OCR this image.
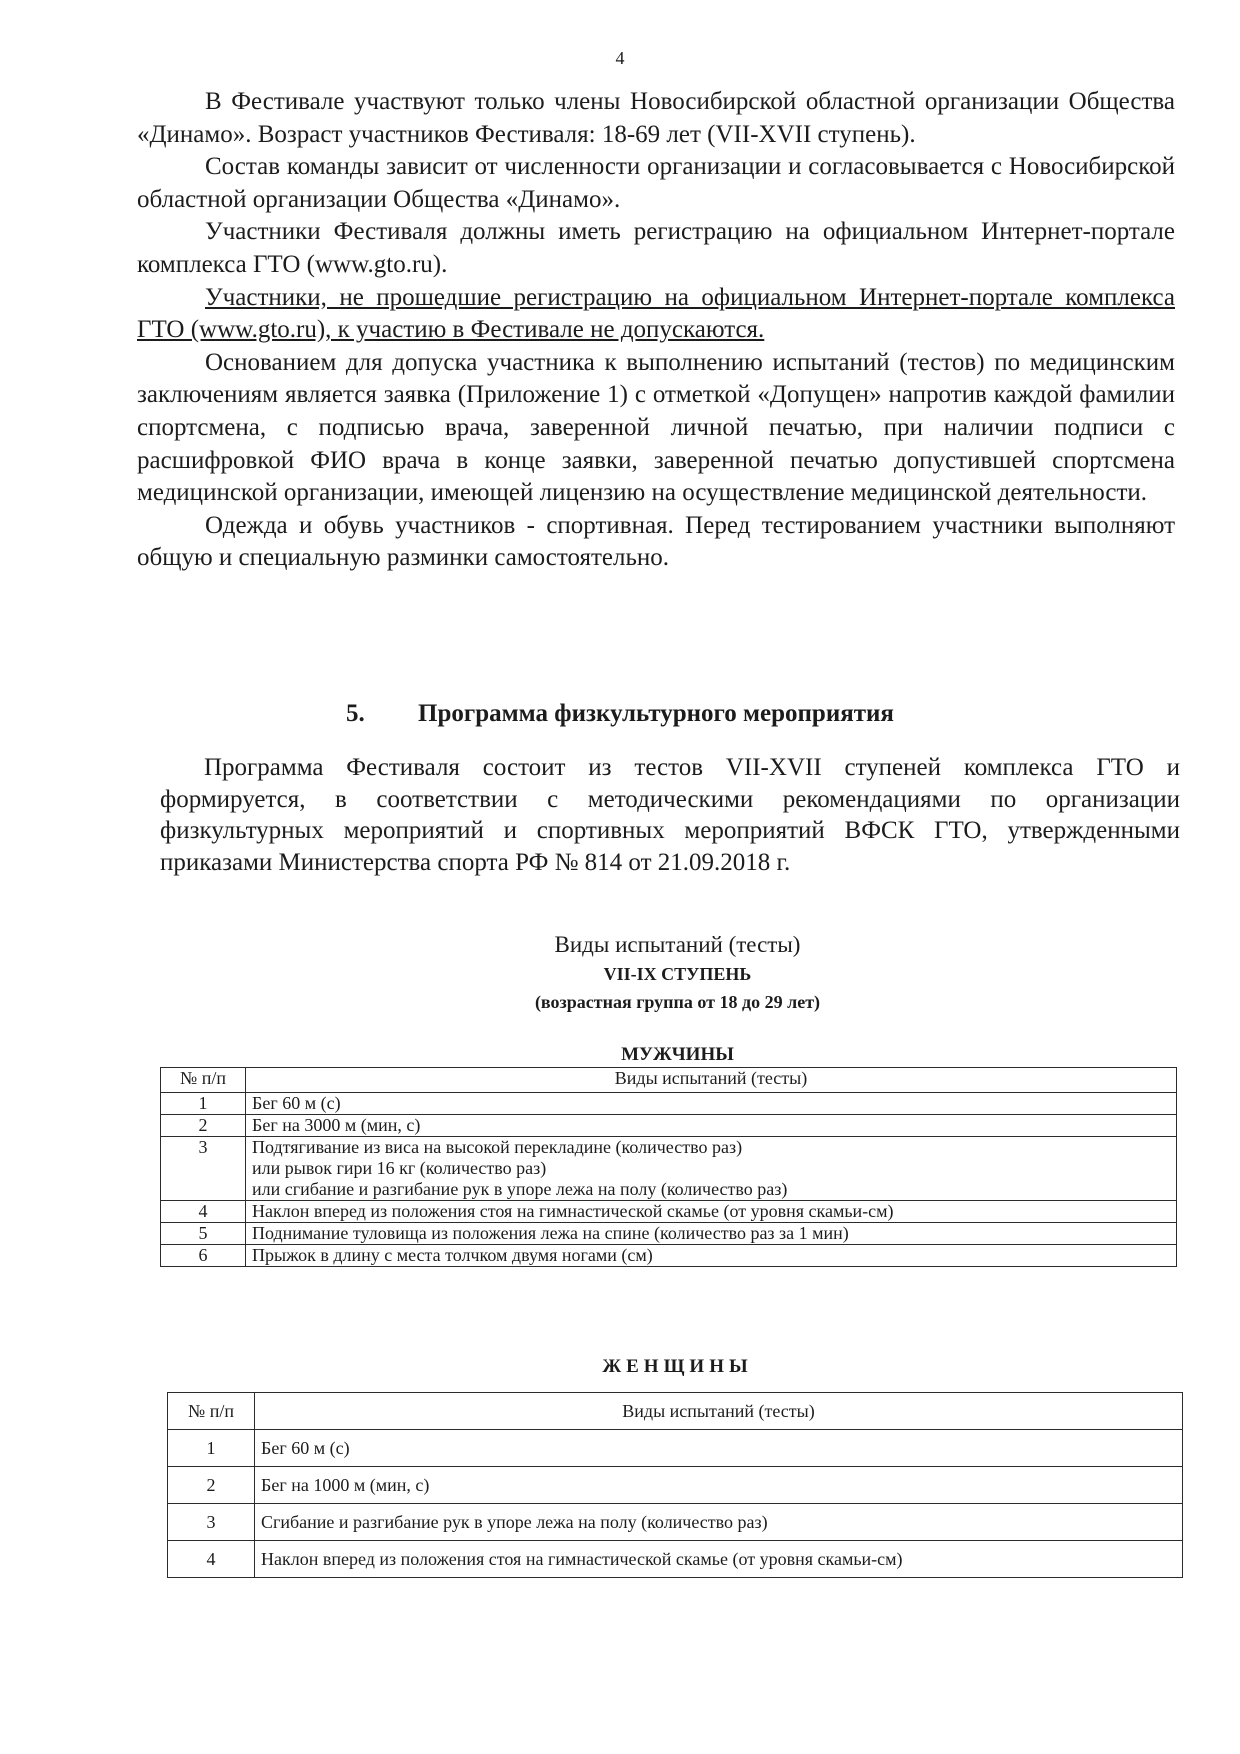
4

В Фестивале участвуют только члены Новосибирской областной организации Общества «Динамо». Возраст участников Фестиваля: 18-69 лет (VII-XVII ступень).

Состав команды зависит от численности организации и согласовывается с Новосибирской областной организации Общества «Динамо».

Участники Фестиваля должны иметь регистрацию на официальном Интернет-портале комплекса ГТО (www.gto.ru).

Участники, не прошедшие регистрацию на официальном Интернет-портале комплекса ГТО (www.gto.ru), к участию в Фестивале не допускаются.

Основанием для допуска участника к выполнению испытаний (тестов) по медицинским заключениям является заявка (Приложение 1) с отметкой «Допущен» напротив каждой фамилии спортсмена, с подписью врача, заверенной личной печатью, при наличии подписи с расшифровкой ФИО врача в конце заявки, заверенной печатью допустившей спортсмена медицинской организации, имеющей лицензию на осуществление медицинской деятельности.

Одежда и обувь участников - спортивная. Перед тестированием участники выполняют общую и специальную разминки самостоятельно.

5. Программа физкультурного мероприятия

Программа Фестиваля состоит из тестов VII-XVII ступеней комплекса ГТО и формируется, в соответствии с методическими рекомендациями по организации физкультурных мероприятий и спортивных мероприятий ВФСК ГТО, утвержденными приказами Министерства спорта РФ № 814 от 21.09.2018 г.

Виды испытаний (тесты)
VII-IX СТУПЕНЬ
(возрастная группа от 18 до 29 лет)
МУЖЧИНЫ
№ п/п	Виды испытаний (тесты)
1	Бег 60 м (с)

2	Бег на 3000 м (мин, с)

3	Подтягивание из виса на высокой перекладине (количество раз)
или рывок гири 16 кг (количество раз)
или сгибание и разгибание рук в упоре лежа на полу (количество раз)

4	Наклон вперед из положения стоя на гимнастической скамье (от уровня скамьи-см)

5	Поднимание туловища из положения лежа на спине (количество раз за 1 мин)

6	Прыжок в длину с места толчком двумя ногами (см)
ЖЕНЩИНЫ
№ п/п	Виды испытаний (тесты)
1	Бег 60 м (с)
2	Бег на 1000 м (мин, с)
3	Сгибание и разгибание рук в упоре лежа на полу (количество раз)
4	Наклон вперед из положения стоя на гимнастической скамье (от уровня скамьи-см)
